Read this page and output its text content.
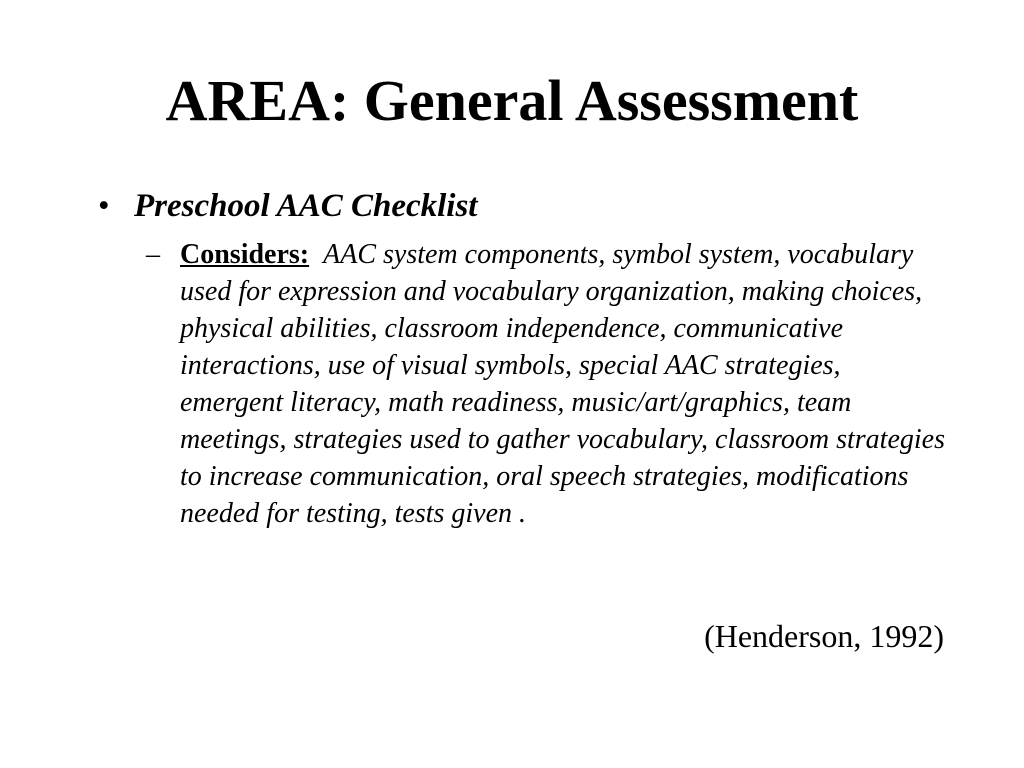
AREA: General Assessment
• Preschool AAC Checklist
– Considers: AAC system components, symbol system, vocabulary used for expression and vocabulary organization, making choices, physical abilities, classroom independence, communicative interactions, use of visual symbols, special AAC strategies, emergent literacy, math readiness, music/art/graphics, team meetings, strategies used to gather vocabulary, classroom strategies to increase communication, oral speech strategies, modifications needed for testing, tests given .
(Henderson, 1992)
